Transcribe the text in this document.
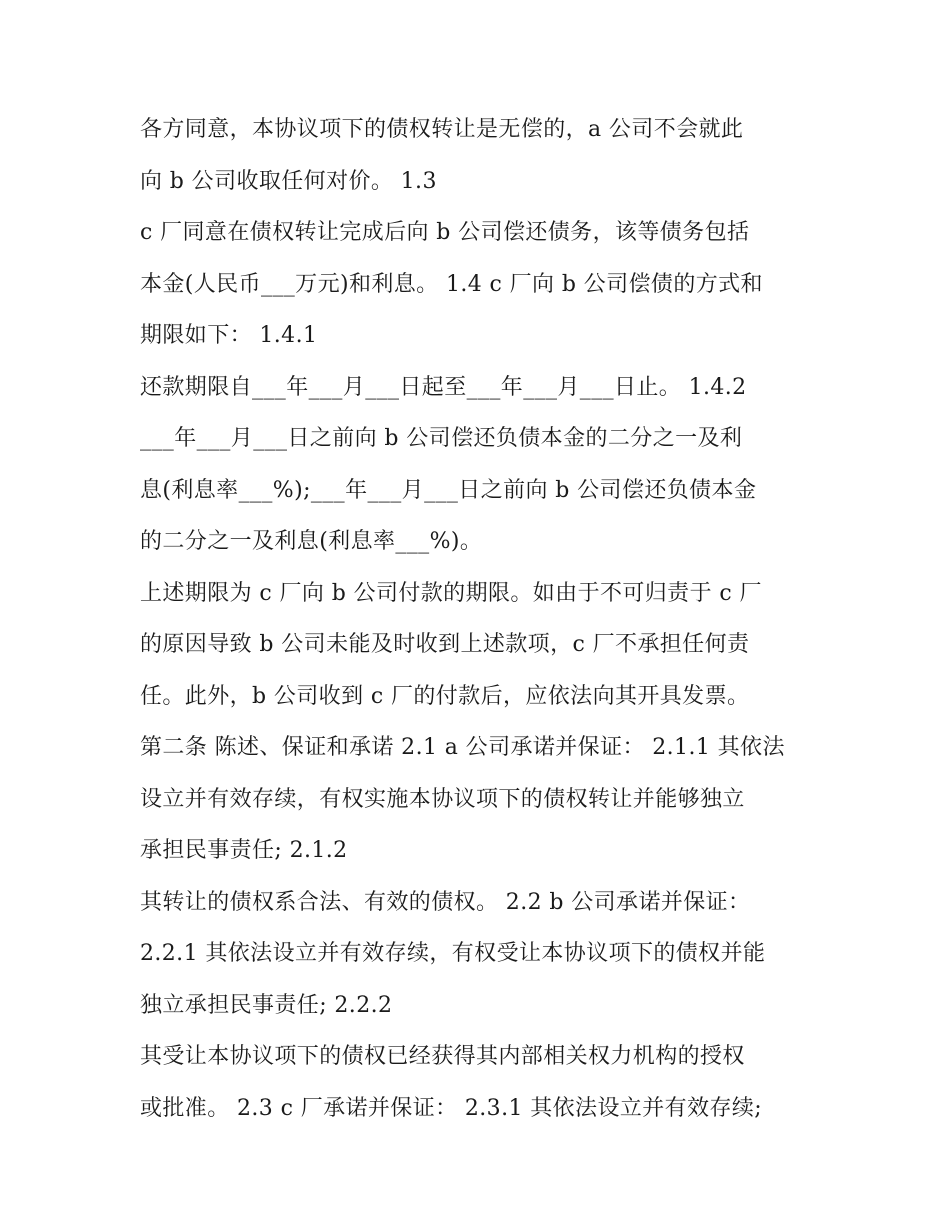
各方同意，本协议项下的债权转让是无偿的，a 公司不会就此
向 b 公司收取任何对价。 1.3
c 厂同意在债权转让完成后向 b 公司偿还债务，该等债务包括
本金(人民币___万元)和利息。 1.4 c 厂向 b 公司偿债的方式和
期限如下： 1.4.1
还款期限自___年___月___日起至___年___月___日止。 1.4.2
___年___月___日之前向 b 公司偿还负债本金的二分之一及利
息(利息率___%);___年___月___日之前向 b 公司偿还负债本金
的二分之一及利息(利息率___%)。
上述期限为 c 厂向 b 公司付款的期限。如由于不可归责于 c 厂
的原因导致 b 公司未能及时收到上述款项，c 厂不承担任何责
任。此外，b 公司收到 c 厂的付款后，应依法向其开具发票。
第二条 陈述、保证和承诺 2.1 a 公司承诺并保证： 2.1.1 其依法
设立并有效存续，有权实施本协议项下的债权转让并能够独立
承担民事责任; 2.1.2
其转让的债权系合法、有效的债权。 2.2 b 公司承诺并保证：
2.2.1 其依法设立并有效存续，有权受让本协议项下的债权并能
独立承担民事责任; 2.2.2
其受让本协议项下的债权已经获得其内部相关权力机构的授权
或批准。 2.3 c 厂承诺并保证： 2.3.1 其依法设立并有效存续;
